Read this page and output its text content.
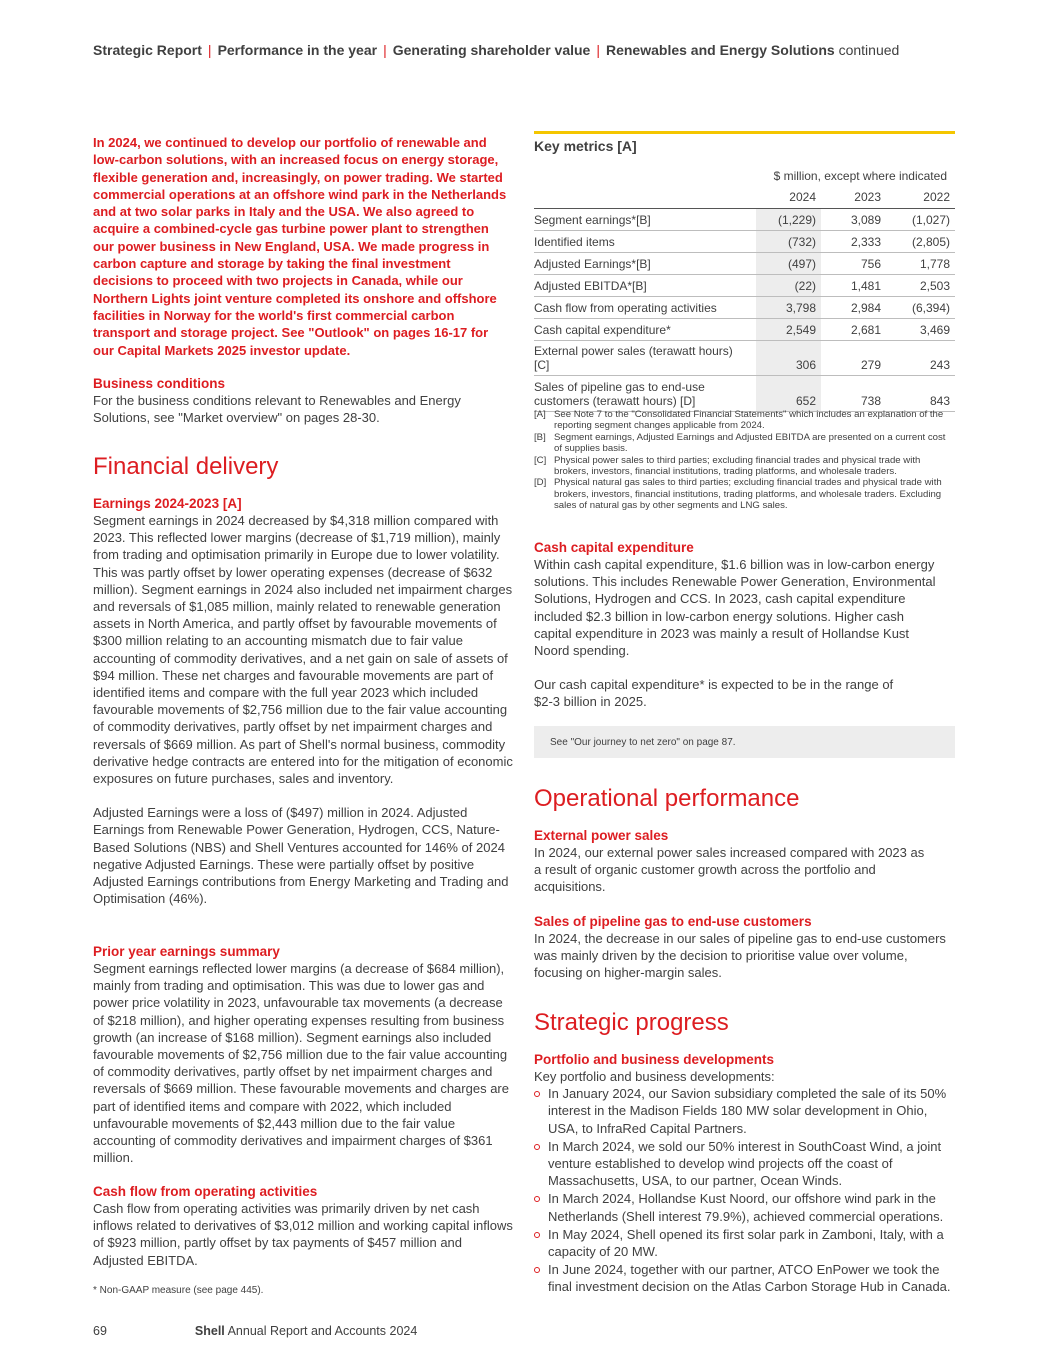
Strategic Report | Performance in the year | Generating shareholder value | Renewables and Energy Solutions continued

In 2024, we continued to develop our portfolio of renewable and low-carbon solutions, with an increased focus on energy storage, flexible generation and, increasingly, on power trading. We started commercial operations at an offshore wind park in the Netherlands and at two solar parks in Italy and the USA. We also agreed to acquire a combined-cycle gas turbine power plant to strengthen our power business in New England, USA. We made progress in carbon capture and storage by taking the final investment decisions to proceed with two projects in Canada, while our Northern Lights joint venture completed its onshore and offshore facilities in Norway for the world's first commercial carbon transport and storage project. See "Outlook" on pages 16-17 for our Capital Markets 2025 investor update.

Business conditions

For the business conditions relevant to Renewables and Energy Solutions, see "Market overview" on pages 28-30.

Financial delivery

Earnings 2024-2023 [A]

Segment earnings in 2024 decreased by $4,318 million compared with 2023. This reflected lower margins (decrease of $1,719 million), mainly from trading and optimisation primarily in Europe due to lower volatility. This was partly offset by lower operating expenses (decrease of $632 million). Segment earnings in 2024 also included net impairment charges and reversals of $1,085 million, mainly related to renewable generation assets in North America, and partly offset by favourable movements of $300 million relating to an accounting mismatch due to fair value accounting of commodity derivatives, and a net gain on sale of assets of $94 million. These net charges and favourable movements are part of identified items and compare with the full year 2023 which included favourable movements of $2,756 million due to the fair value accounting of commodity derivatives, partly offset by net impairment charges and reversals of $669 million. As part of Shell's normal business, commodity derivative hedge contracts are entered into for the mitigation of economic exposures on future purchases, sales and inventory.

Adjusted Earnings were a loss of ($497) million in 2024. Adjusted Earnings from Renewable Power Generation, Hydrogen, CCS, Nature-Based Solutions (NBS) and Shell Ventures accounted for 146% of 2024 negative Adjusted Earnings. These were partially offset by positive Adjusted Earnings contributions from Energy Marketing and Trading and Optimisation (46%).

Prior year earnings summary

Segment earnings reflected lower margins (a decrease of $684 million), mainly from trading and optimisation. This was due to lower gas and power price volatility in 2023, unfavourable tax movements (a decrease of $218 million), and higher operating expenses resulting from business growth (an increase of $168 million). Segment earnings also included favourable movements of $2,756 million due to the fair value accounting of commodity derivatives, partly offset by net impairment charges and reversals of $669 million. These favourable movements and charges are part of identified items and compare with 2022, which included unfavourable movements of $2,443 million due to the fair value accounting of commodity derivatives and impairment charges of $361 million.

Cash flow from operating activities

Cash flow from operating activities was primarily driven by net cash inflows related to derivatives of $3,012 million and working capital inflows of $923 million, partly offset by tax payments of $457 million and Adjusted EBITDA.

* Non-GAAP measure (see page 445).
Key metrics [A]
$ million, except where indicated
	2024	2023	2022
Segment earnings*[B]	(1,229)	3,089	(1,027)
Identified items	(732)	2,333	(2,805)
Adjusted Earnings*[B]	(497)	756	1,778
Adjusted EBITDA*[B]	(22)	1,481	2,503
Cash flow from operating activities	3,798	2,984	(6,394)
Cash capital expenditure*	2,549	2,681	3,469
External power sales (terawatt hours) [C]	306	279	243
Sales of pipeline gas to end-use customers (terawatt hours) [D]	652	738	843
[A] See Note 7 to the "Consolidated Financial Statements" which includes an explanation of the reporting segment changes applicable from 2024.
[B] Segment earnings, Adjusted Earnings and Adjusted EBITDA are presented on a current cost of supplies basis.
[C] Physical power sales to third parties; excluding financial trades and physical trade with brokers, investors, financial institutions, trading platforms, and wholesale traders.
[D] Physical natural gas sales to third parties; excluding financial trades and physical trade with brokers, investors, financial institutions, trading platforms, and wholesale traders. Excluding sales of natural gas by other segments and LNG sales.

Cash capital expenditure

Within cash capital expenditure, $1.6 billion was in low-carbon energy solutions. This includes Renewable Power Generation, Environmental Solutions, Hydrogen and CCS. In 2023, cash capital expenditure included $2.3 billion in low-carbon energy solutions. Higher cash capital expenditure in 2023 was mainly a result of Hollandse Kust Noord spending.

Our cash capital expenditure* is expected to be in the range of $2-3 billion in 2025.

See "Our journey to net zero" on page 87.
Operational performance

External power sales

In 2024, our external power sales increased compared with 2023 as a result of organic customer growth across the portfolio and acquisitions.

Sales of pipeline gas to end-use customers

In 2024, the decrease in our sales of pipeline gas to end-use customers was mainly driven by the decision to prioritise value over volume, focusing on higher-margin sales.

Strategic progress

Portfolio and business developments

Key portfolio and business developments:

In January 2024, our Savion subsidiary completed the sale of its 50% interest in the Madison Fields 180 MW solar development in Ohio, USA, to InfraRed Capital Partners.
In March 2024, we sold our 50% interest in SouthCoast Wind, a joint venture established to develop wind projects off the coast of Massachusetts, USA, to our partner, Ocean Winds.
In March 2024, Hollandse Kust Noord, our offshore wind park in the Netherlands (Shell interest 79.9%), achieved commercial operations.
In May 2024, Shell opened its first solar park in Zamboni, Italy, with a capacity of 20 MW.
In June 2024, together with our partner, ATCO EnPower we took the final investment decision on the Atlas Carbon Storage Hub in Canada.
69	Shell Annual Report and Accounts 2024
